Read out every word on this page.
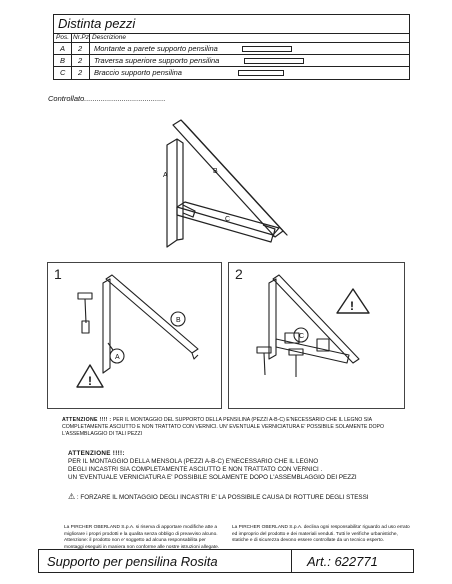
Distinta pezzi
Pos. Nr.Pz. Descrizione
A 2 Montante a parete supporto pensilina
B 2 Traversa superiore supporto pensilina
C 2 Braccio supporto pensilina
Controllato.......................................
A
B
C
1
B
A
!
2
C
!
ATTENZIONE !!!! : PER IL MONTAGGIO DEL SUPPORTO DELLA PENSILINA (PEZZI A-B-C) E'NECESSARIO CHE IL LEGNO SIA COMPLETAMENTE ASCIUTTO E NON TRATTATO CON VERNICI. UN' EVENTUALE VERNICIATURA E' POSSIBILE SOLAMENTE DOPO L'ASSEMBLAGGIO DI TALI PEZZI
ATTENZIONE !!!!:
PER IL MONTAGGIO DELLA MENSOLA (PEZZI A-B-C) E'NECESSARIO CHE IL LEGNO
DEGLI INCASTRI SIA COMPLETAMENTE ASCIUTTO E NON TRATTATO CON VERNICI .
UN 'EVENTUALE VERNICIATURA E' POSSIBILE SOLAMENTE DOPO L'ASSEMBLAGGIO DEI PEZZI
⚠ : FORZARE IL MONTAGGIO DEGLI INCASTRI E' LA POSSIBILE CAUSA DI ROTTURE DEGLI STESSI
La PIRCHER OBERLAND S.p.A. si riserva di apportare modifiche atte a migliorare i propri prodotti e la qualita senza obbligo di preavviso alcuno. Attenzione: il prodotto non e' soggetto ad alcuna responsabilita per montaggi eseguiti in maniera non conforme alle nostre istruzioni allegate.
La PIRCHER OBERLAND S.p.A. declina ogni responsabilita' riguardo ad uso errato ed improprio del prodotto e dei materiali venduti. Tutti le verifiche urbanistiche, statiche e di sicurezza devono essere controllate da un tecnico esperto.
Supporto per pensilina Rosita	Art.: 622771
